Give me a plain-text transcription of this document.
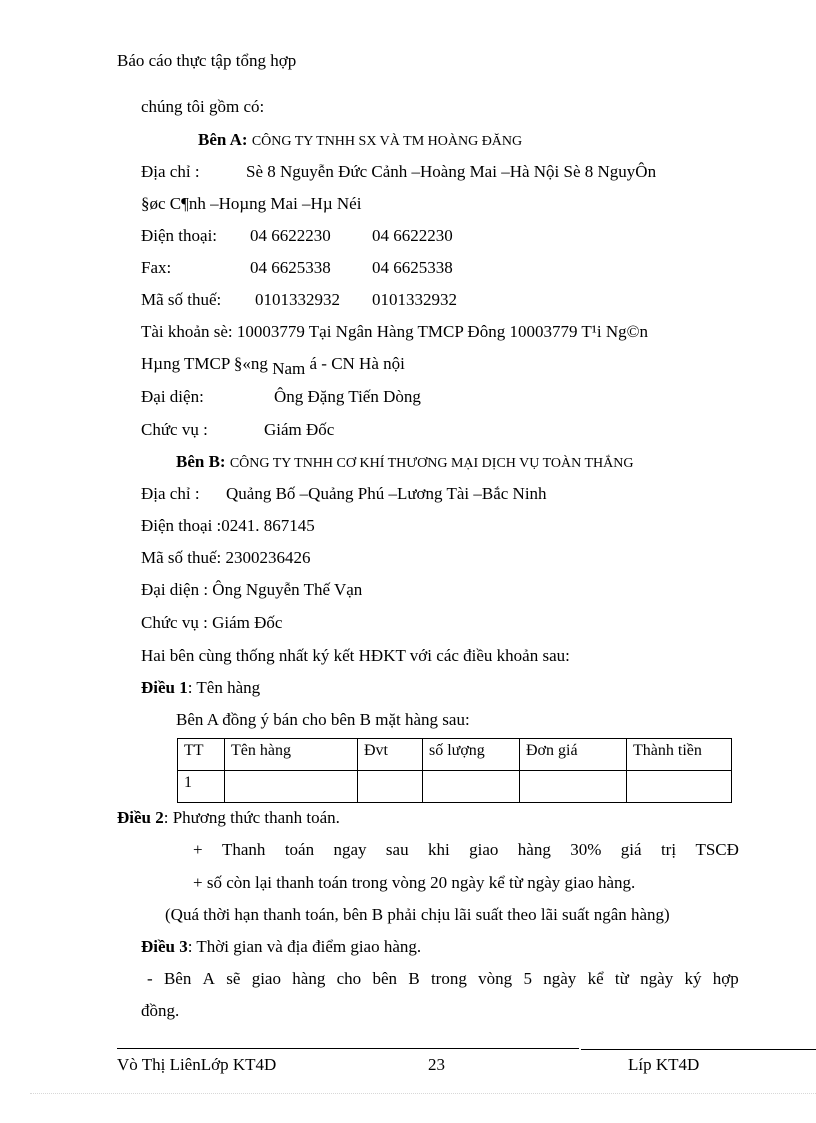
Báo cáo thực tập tổng hợp
chúng tôi gồm có:
Bên A: CÔNG TY TNHH SX VÀ TM HOÀNG ĐĂNG
Địa chỉ :	Sè 8 Nguyễn Đức Cảnh –Hoàng Mai –Hà Nội Sè 8 NguyÔn
§øc C¶nh –Hoµng Mai –Hµ Néi
Điện thoại: 04 6622230 04 6622230
Fax:	04 6625338 04 6625338
Mã số thuế: 0101332932 0101332932
Tài khoản sè: 10003779 Tại Ngân Hàng TMCP Đông 10003779 T¹i Ng©n
Hµng TMCP §«ng Nam á - CN Hà nội
Đại diện:	Ông Đặng Tiến Dòng
Chức vụ :	Giám Đốc
Bên B: CÔNG TY TNHH CƠ KHÍ THƯƠNG MẠI DỊCH VỤ TOÀN THẮNG
Địa chỉ : Quảng Bố –Quảng Phú –Lương Tài –Bắc Ninh
Điện thoại :0241. 867145
Mã số thuế: 2300236426
Đại diện : Ông Nguyễn Thế Vạn
Chức vụ : Giám Đốc
Hai bên cùng thống nhất ký kết HĐKT với các điều khoản sau:
Điều 1: Tên hàng
Bên A đồng ý bán cho bên B mặt hàng sau:
TT	Tên hàng	Đvt	số lượng	Đơn giá	Thành tiền
1					
Điều 2: Phương thức thanh toán.
+ Thanh toán ngay sau khi giao hàng 30% giá trị TSCĐ
+ số còn lại thanh toán trong vòng 20 ngày kể từ ngày giao hàng.
(Quá thời hạn thanh toán, bên B phải chịu lãi suất theo lãi suất ngân hàng)
Điều 3: Thời gian và địa điểm giao hàng.
- Bên A sẽ giao hàng cho bên B trong vòng 5 ngày kể từ ngày ký hợp
đồng.
Vò Thị LiênLớp KT4D	23	Líp KT4D
